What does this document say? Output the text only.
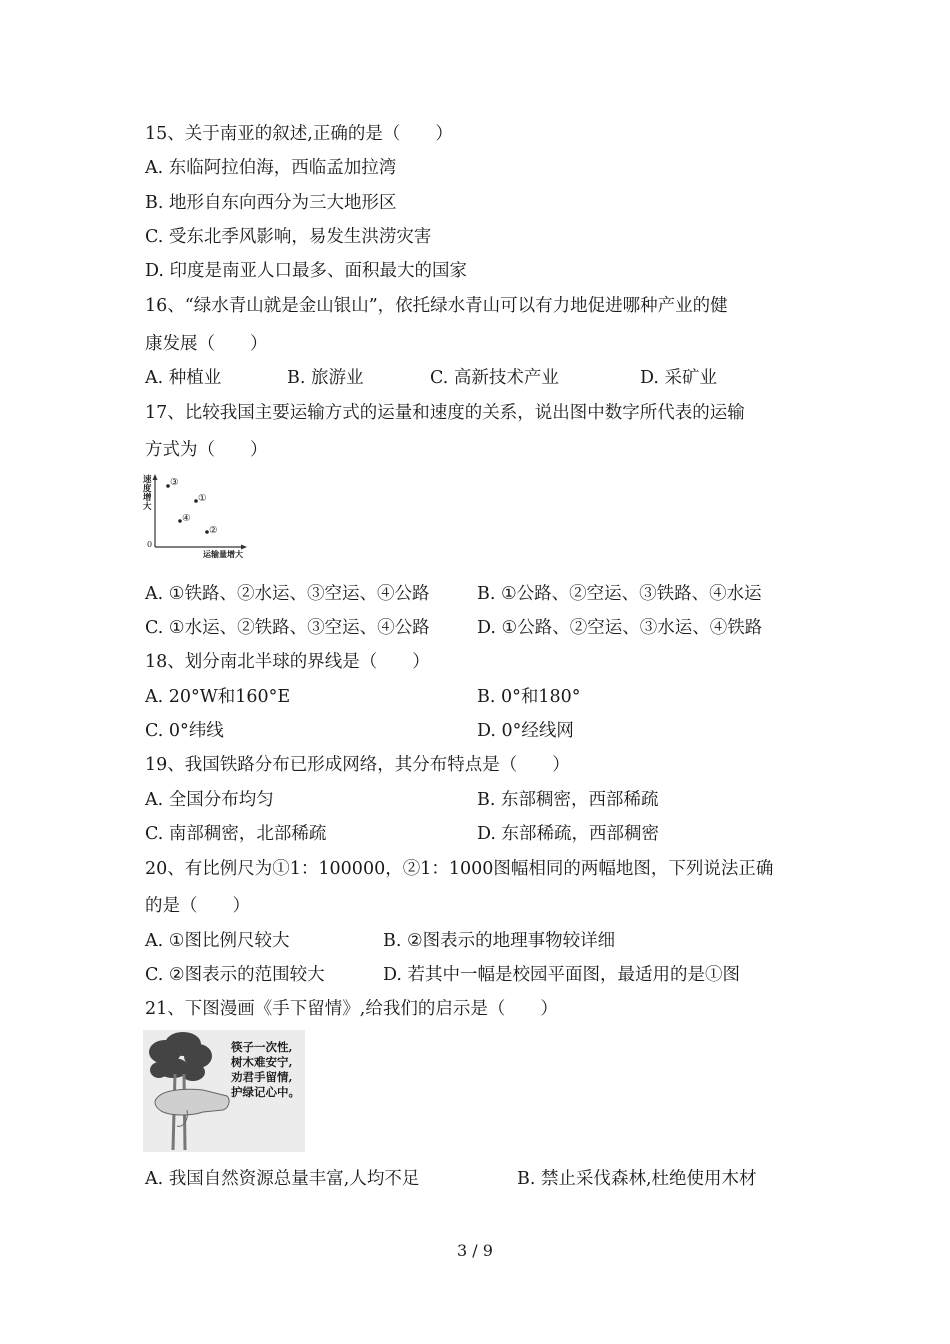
15、关于南亚的叙述,正确的是（　　）
A. 东临阿拉伯海，西临孟加拉湾
B. 地形自东向西分为三大地形区
C. 受东北季风影响，易发生洪涝灾害
D. 印度是南亚人口最多、面积最大的国家
16、“绿水青山就是金山银山”，依托绿水青山可以有力地促进哪种产业的健
康发展（　　）
A. 种植业	B. 旅游业	C. 高新技术产业	D. 采矿业
17、比较我国主要运输方式的运量和速度的关系，说出图中数字所代表的运输
方式为（　　）
速度增大
0
运输量增大
③
①
④
②
A. ①铁路、②水运、③空运、④公路	B. ①公路、②空运、③铁路、④水运
C. ①水运、②铁路、③空运、④公路	D. ①公路、②空运、③水运、④铁路
18、划分南北半球的界线是（　　）
A. 20°W和160°E	B. 0°和180°
C. 0°纬线	D. 0°经线网
19、我国铁路分布已形成网络，其分布特点是（　　）
A. 全国分布均匀	B. 东部稠密，西部稀疏
C. 南部稠密，北部稀疏	D. 东部稀疏，西部稠密
20、有比例尺为①1：100000，②1：1000图幅相同的两幅地图，下列说法正确
的是（　　）
A. ①图比例尺较大	B. ②图表示的地理事物较详细
C. ②图表示的范围较大	D. 若其中一幅是校园平面图，最适用的是①图
21、下图漫画《手下留情》,给我们的启示是（　　）
筷子一次性,
树木难安宁,
劝君手留情,
护绿记心中。
A. 我国自然资源总量丰富,人均不足	B. 禁止采伐森林,杜绝使用木材
3 / 9
